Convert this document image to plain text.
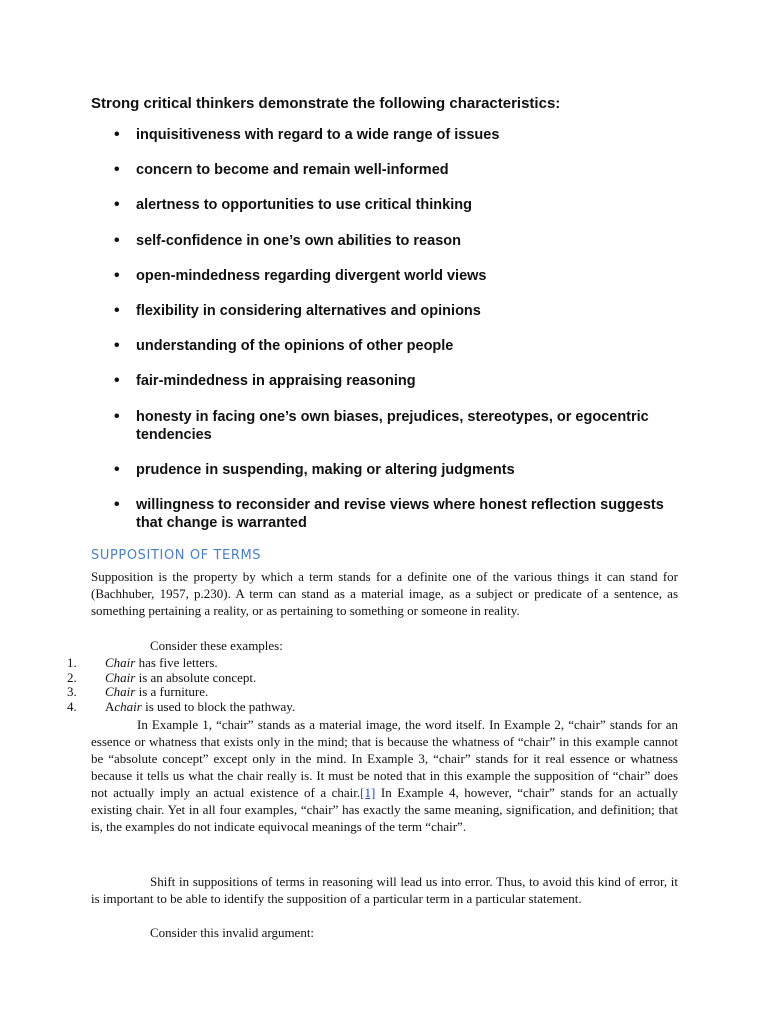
Strong critical thinkers demonstrate the following characteristics:
• inquisitiveness with regard to a wide range of issues
• concern to become and remain well-informed
• alertness to opportunities to use critical thinking
• self-confidence in one’s own abilities to reason
• open-mindedness regarding divergent world views
• flexibility in considering alternatives and opinions
• understanding of the opinions of other people
• fair-mindedness in appraising reasoning
• honesty in facing one’s own biases, prejudices, stereotypes, or egocentric tendencies
• prudence in suspending, making or altering judgments
• willingness to reconsider and revise views where honest reflection suggests that change is warranted
SUPPOSITION OF TERMS

Supposition is the property by which a term stands for a definite one of the various things it can stand for (Bachhuber, 1957, p.230). A term can stand as a material image, as a subject or predicate of a sentence, as something pertaining a reality, or as pertaining to something or someone in reality.

Consider these examples:

1. Chair has five letters.
2. Chair is an absolute concept.
3. Chair is a furniture.
4. Achair is used to block the pathway.

In Example 1, “chair” stands as a material image, the word itself. In Example 2, “chair” stands for an essence or whatness that exists only in the mind; that is because the whatness of “chair” in this example cannot be “absolute concept” except only in the mind. In Example 3, “chair” stands for it real essence or whatness because it tells us what the chair really is. It must be noted that in this example the supposition of “chair” does not actually imply an actual existence of a chair.[1] In Example 4, however, “chair” stands for an actually existing chair. Yet in all four examples, “chair” has exactly the same meaning, signification, and definition; that is, the examples do not indicate equivocal meanings of the term “chair”.

Shift in suppositions of terms in reasoning will lead us into error. Thus, to avoid this kind of error, it is important to be able to identify the supposition of a particular term in a particular statement.

Consider this invalid argument:
